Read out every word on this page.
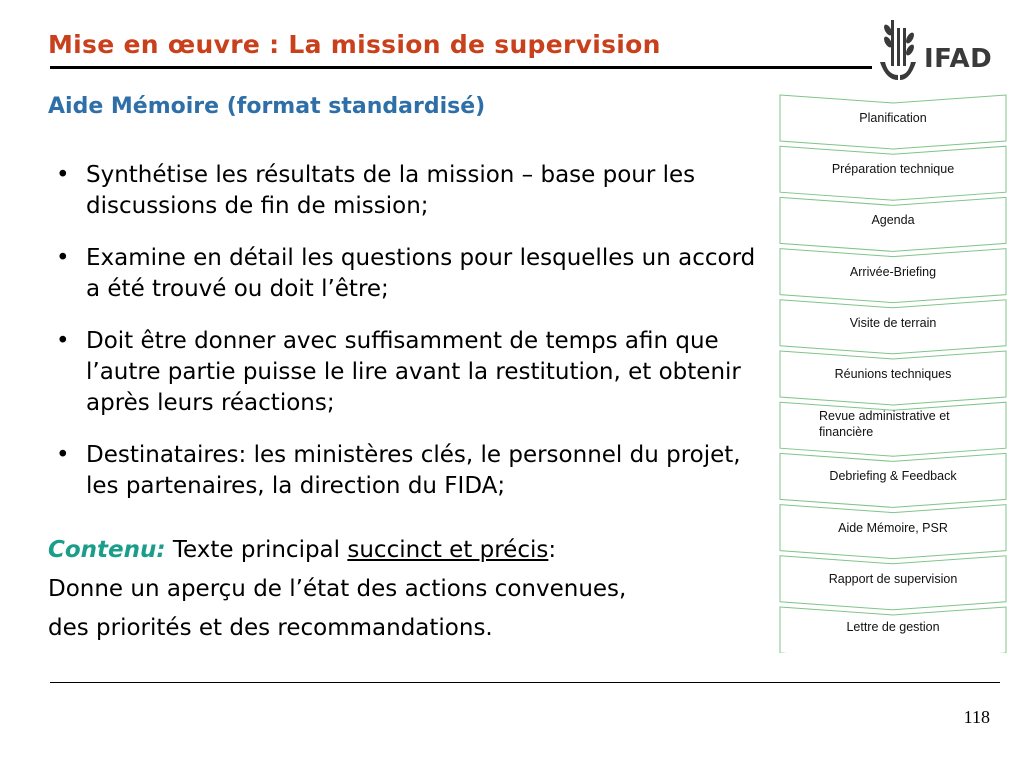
Mise en œuvre : La mission de supervision	IFAD
Aide Mémoire (format standardisé)
• Synthétise les résultats de la mission – base pour les discussions de fin de mission;
• Examine en détail les questions pour lesquelles un accord a été trouvé ou doit l’être;
• Doit être donner avec suffisamment de temps afin que l’autre partie puisse le lire avant la restitution, et obtenir après leurs réactions;
• Destinataires: les ministères clés, le personnel du projet, les partenaires, la direction du FIDA;
Contenu: Texte principal succinct et précis:
Donne un aperçu de l’état des actions convenues,
des priorités et des recommandations.
Planification
Préparation technique
Agenda
Arrivée-Briefing
Visite de terrain
Réunions techniques
Revue administrative et financière
Debriefing & Feedback
Aide Mémoire, PSR
Rapport de supervision
Lettre de gestion
118
